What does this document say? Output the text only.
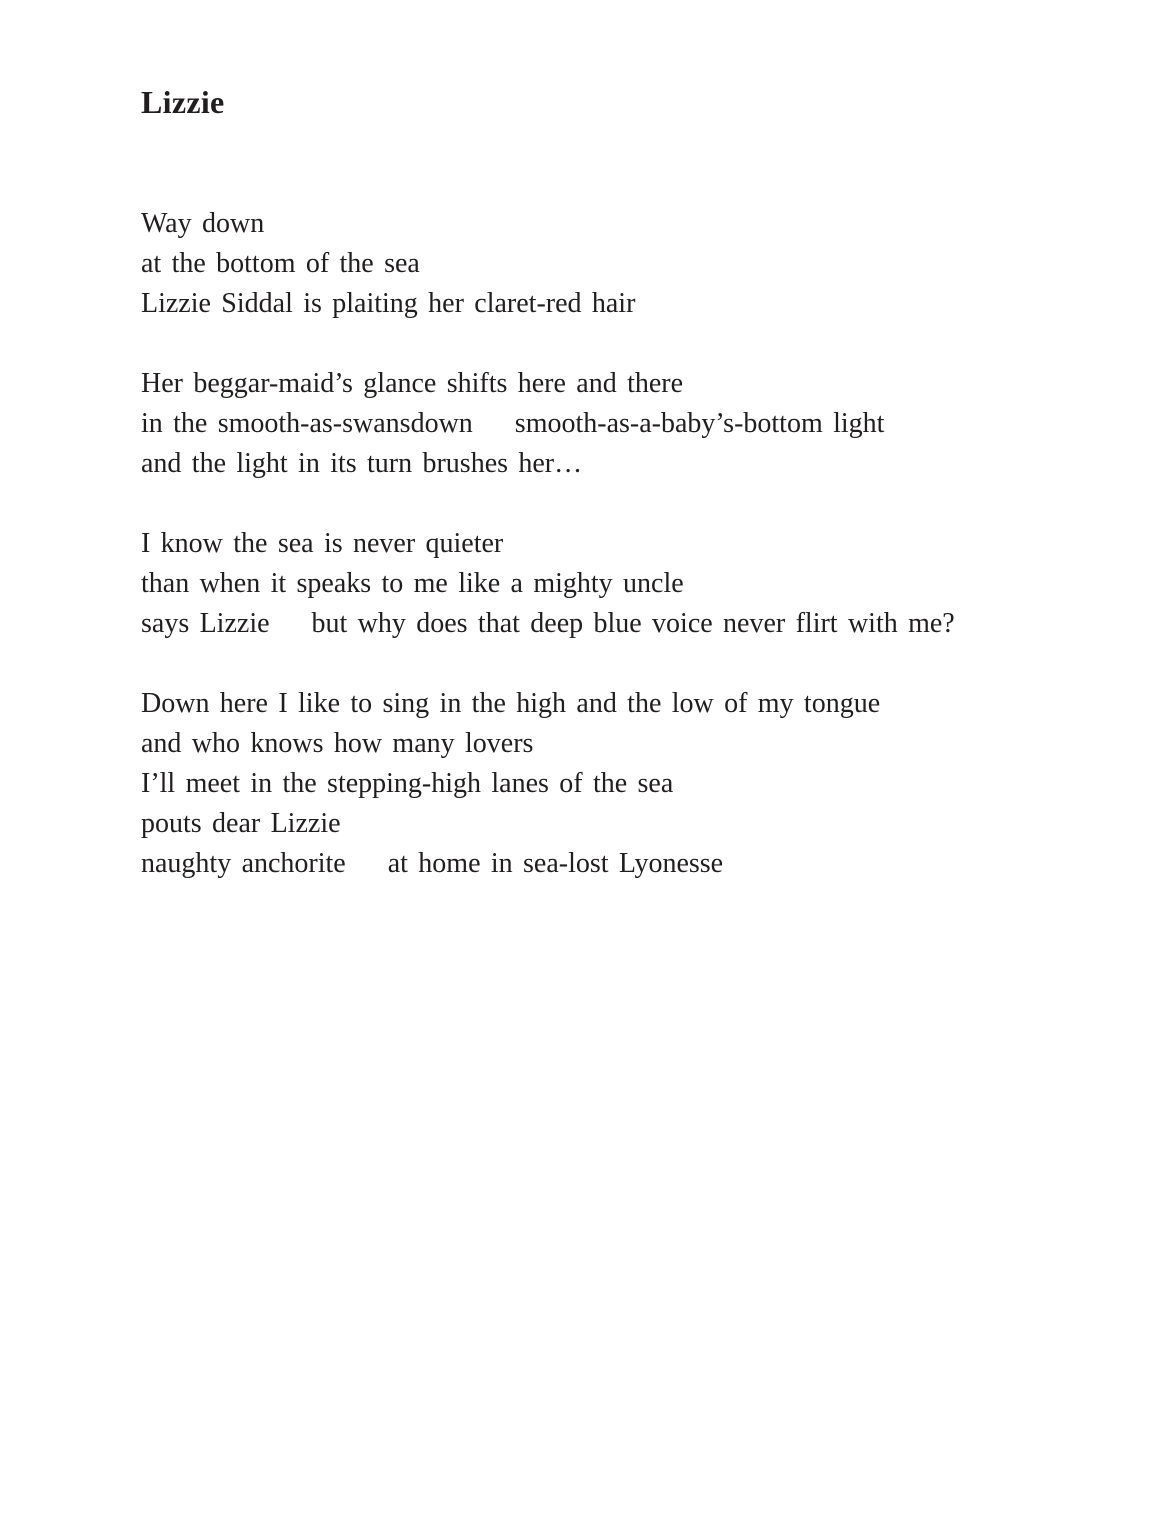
Lizzie
Way down
at the bottom of the sea
Lizzie Siddal is plaiting her claret-red hair
Her beggar-maid’s glance shifts here and there
in the smooth-as-swansdown  smooth-as-a-baby’s-bottom light
and the light in its turn brushes her…
I know the sea is never quieter
than when it speaks to me like a mighty uncle
says Lizzie  but why does that deep blue voice never flirt with me?
Down here I like to sing in the high and the low of my tongue
and who knows how many lovers
I’ll meet in the stepping-high lanes of the sea
pouts dear Lizzie
naughty anchorite  at home in sea-lost Lyonesse
